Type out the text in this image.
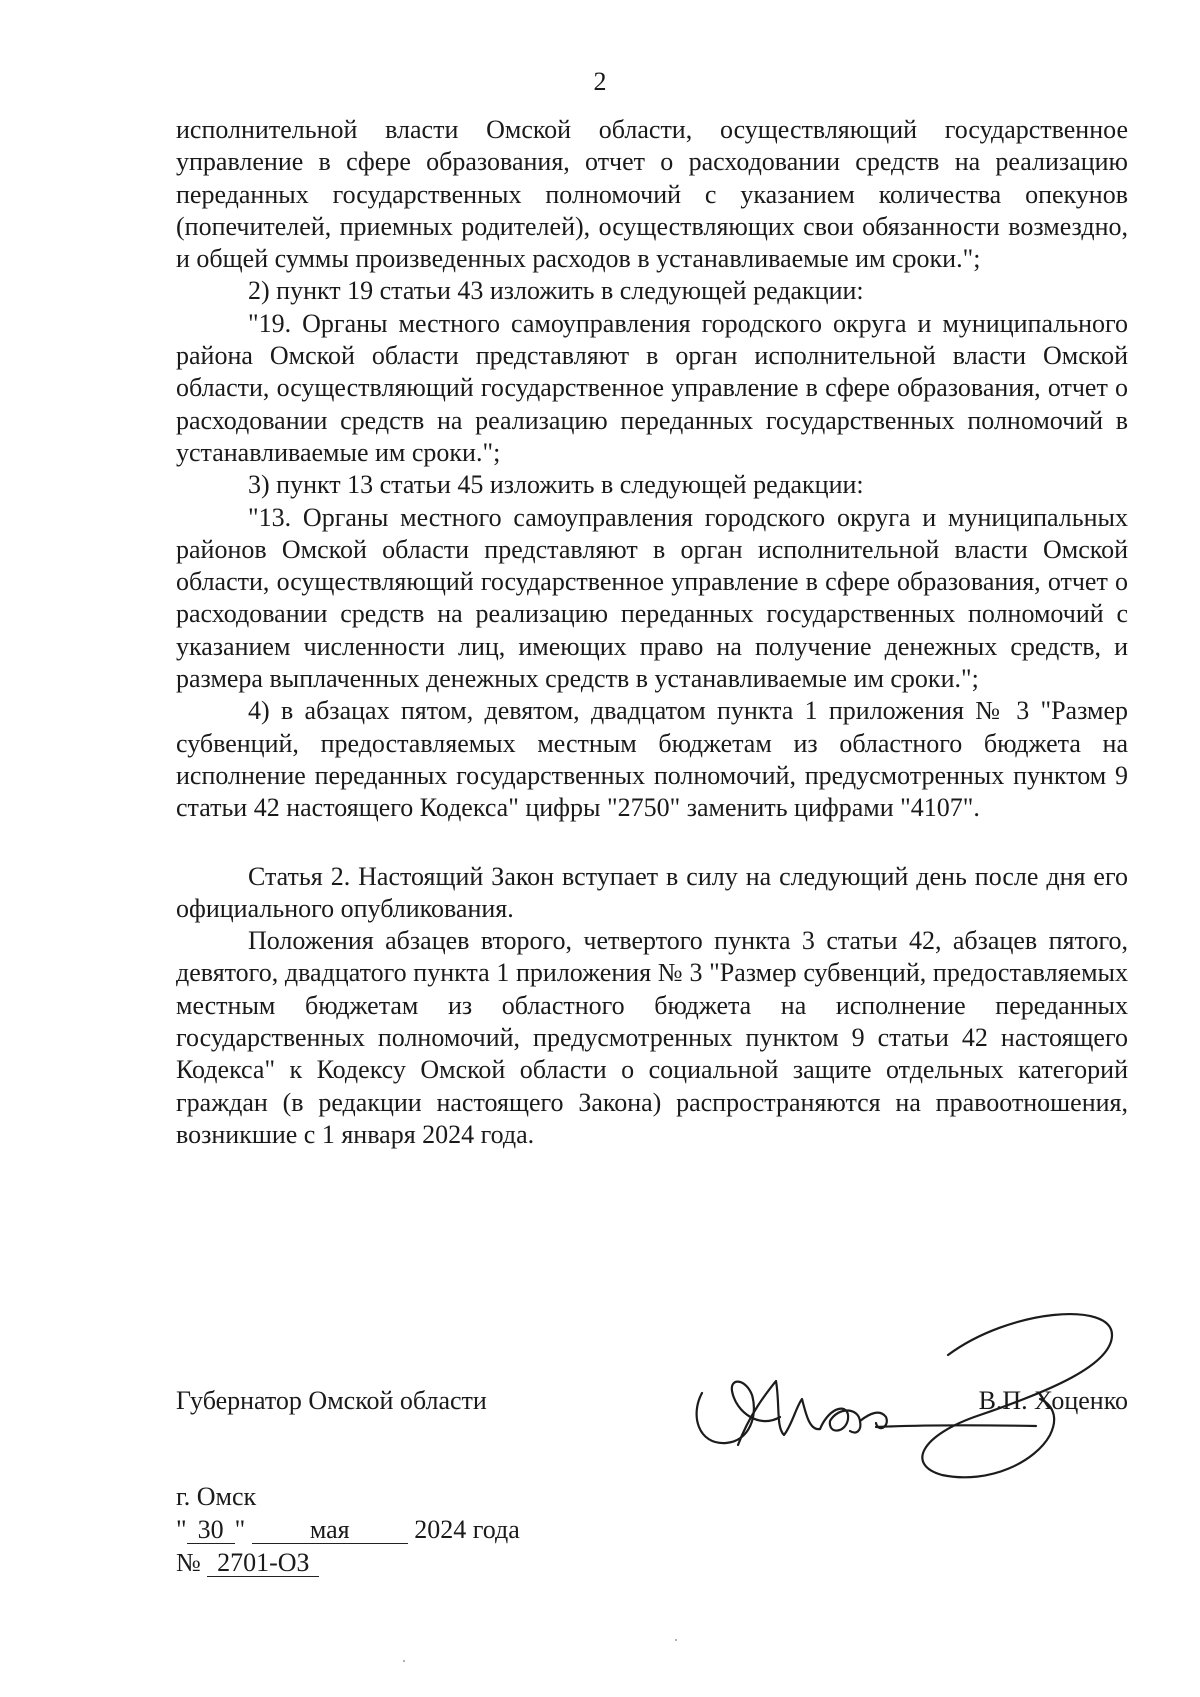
2

исполнительной власти Омской области, осуществляющий государственное управление в сфере образования, отчет о расходовании средств на реализацию переданных государственных полномочий с указанием количества опекунов (попечителей, приемных родителей), осуществляющих свои обязанности возмездно, и общей суммы произведенных расходов в устанавливаемые им сроки.";

2) пункт 19 статьи 43 изложить в следующей редакции:

"19. Органы местного самоуправления городского округа и муниципального района Омской области представляют в орган исполнительной власти Омской области, осуществляющий государственное управление в сфере образования, отчет о расходовании средств на реализацию переданных государственных полномочий в устанавливаемые им сроки.";

3) пункт 13 статьи 45 изложить в следующей редакции:

"13. Органы местного самоуправления городского округа и муниципальных районов Омской области представляют в орган исполнительной власти Омской области, осуществляющий государственное управление в сфере образования, отчет о расходовании средств на реализацию переданных государственных полномочий с указанием численности лиц, имеющих право на получение денежных средств, и размера выплаченных денежных средств в устанавливаемые им сроки.";

4) в абзацах пятом, девятом, двадцатом пункта 1 приложения № 3 "Размер субвенций, предоставляемых местным бюджетам из областного бюджета на исполнение переданных государственных полномочий, предусмотренных пунктом 9 статьи 42 настоящего Кодекса" цифры "2750" заменить цифрами "4107".

Статья 2. Настоящий Закон вступает в силу на следующий день после дня его официального опубликования.

Положения абзацев второго, четвертого пункта 3 статьи 42, абзацев пятого, девятого, двадцатого пункта 1 приложения № 3 "Размер субвенций, предоставляемых местным бюджетам из областного бюджета на исполнение переданных государственных полномочий, предусмотренных пунктом 9 статьи 42 настоящего Кодекса" к Кодексу Омской области о социальной защите отдельных категорий граждан (в редакции настоящего Закона) распространяются на правоотношения, возникшие с 1 января 2024 года.

Губернатор Омской области	В.П. Хоценко
г. Омск
" 30 " мая 2024 года
№ 2701-ОЗ
